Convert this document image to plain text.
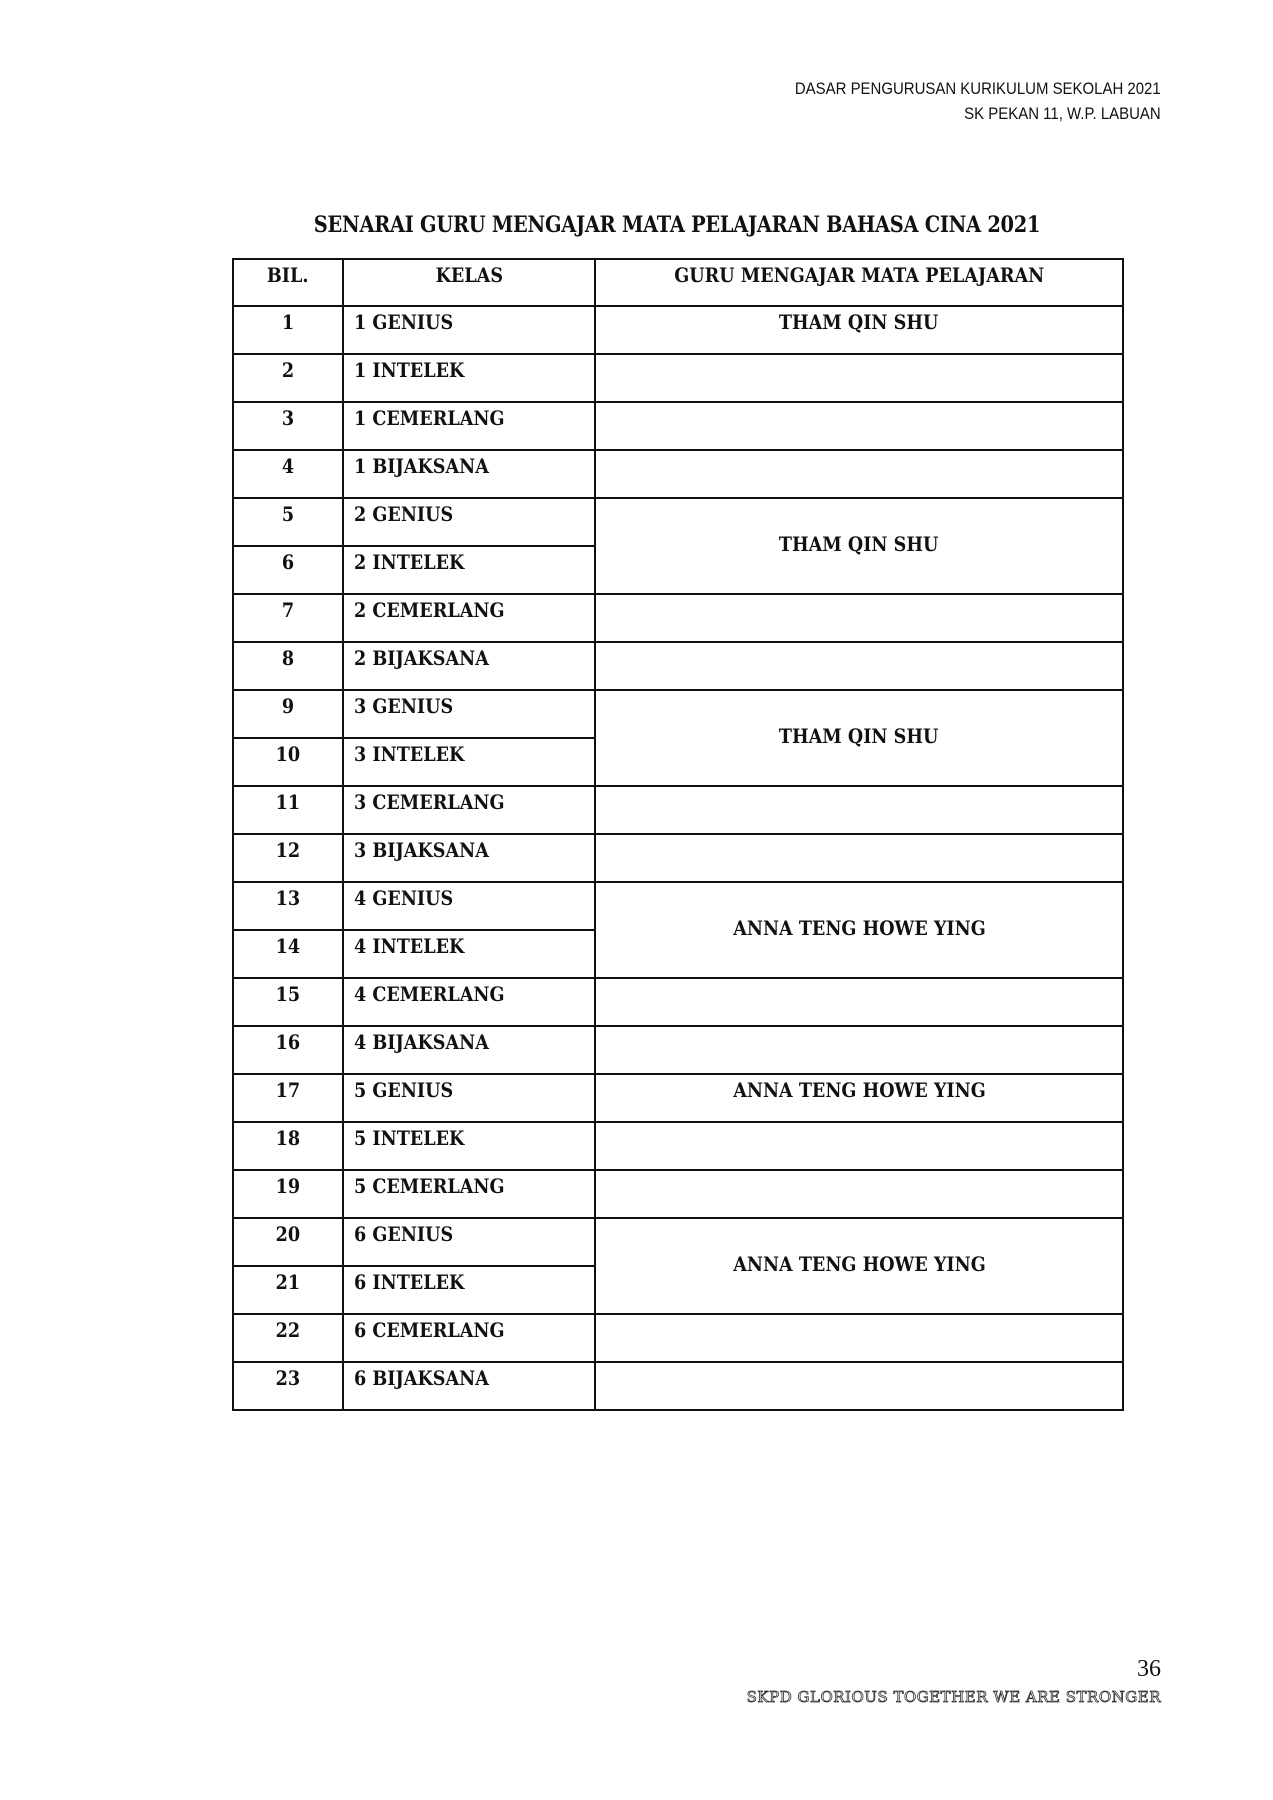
DASAR PENGURUSAN KURIKULUM SEKOLAH 2021
SK PEKAN 11, W.P. LABUAN
SENARAI GURU MENGAJAR MATA PELAJARAN BAHASA CINA 2021
BIL.	KELAS	GURU MENGAJAR MATA PELAJARAN
1	1 GENIUS	THAM QIN SHU
2	1 INTELEK	
3	1 CEMERLANG	
4	1 BIJAKSANA	
5	2 GENIUS	THAM QIN SHU
6	2 INTELEK	
7	2 CEMERLANG	
8	2 BIJAKSANA	
9	3 GENIUS	THAM QIN SHU
10	3 INTELEK	
11	3 CEMERLANG	
12	3 BIJAKSANA	
13	4 GENIUS	ANNA TENG HOWE YING
14	4 INTELEK	
15	4 CEMERLANG	
16	4 BIJAKSANA	
17	5 GENIUS	ANNA TENG HOWE YING
18	5 INTELEK	
19	5 CEMERLANG	
20	6 GENIUS	ANNA TENG HOWE YING
21	6 INTELEK	
22	6 CEMERLANG	
23	6 BIJAKSANA	
36
SKPD GLORIOUS TOGETHER WE ARE STRONGER
